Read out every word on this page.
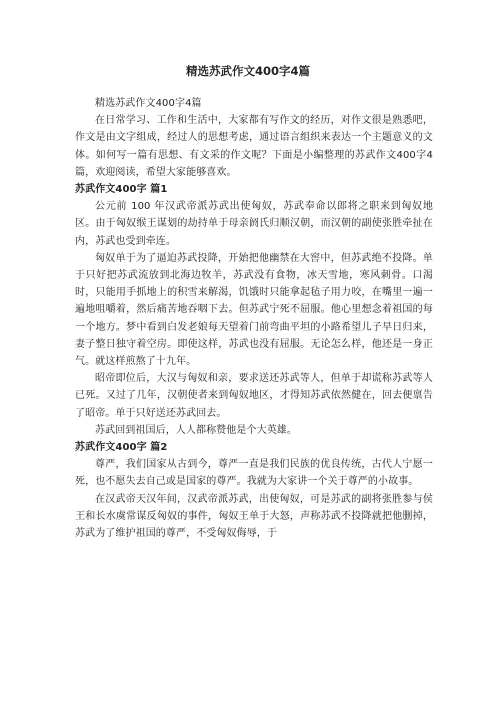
精选苏武作文400字4篇

精选苏武作文400字4篇

在日常学习、工作和生活中，大家都有写作文的经历，对作文很是熟悉吧，作文是由文字组成，经过人的思想考虑，通过语言组织来表达一个主题意义的文体。如何写一篇有思想、有文采的作文呢？下面是小编整理的苏武作文400字4篇，欢迎阅读，希望大家能够喜欢。

苏武作文400字 篇1

公元前 100 年汉武帝派苏武出使匈奴，苏武奉命以郎将之职来到匈奴地区。由于匈奴缑王谋划的劫持单于母亲阏氏归顺汉朝，而汉朝的副使张胜牵扯在内，苏武也受到牵连。

匈奴单于为了逼迫苏武投降，开始把他幽禁在大窖中，但苏武绝不投降。单于只好把苏武流放到北海边牧羊，苏武没有食物，冰天雪地，寒风刺骨。口渴时，只能用手抓地上的积雪来解渴，饥饿时只能拿起毡子用力咬，在嘴里一遍一遍地咀嚼着，然后痛苦地吞咽下去。但苏武宁死不屈服。他心里想念着祖国的每一个地方。梦中看到白发老娘每天望着门前弯曲平坦的小路希望儿子早日归来，妻子整日独守着空房。即使这样，苏武也没有屈服。无论怎么样，他还是一身正气。就这样煎熬了十九年。

昭帝即位后，大汉与匈奴和亲，要求送还苏武等人，但单于却谎称苏武等人已死。又过了几年，汉朝使者来到匈奴地区，才得知苏武依然健在，回去便禀告了昭帝。单于只好送还苏武回去。

苏武回到祖国后，人人都称赞他是个大英雄。

苏武作文400字 篇2

尊严，我们国家从古到今，尊严一直是我们民族的优良传统，古代人宁愿一死，也不愿失去自己或是国家的尊严。我就为大家讲一个关于尊严的小故事。

在汉武帝天汉年间，汉武帝派苏武，出使匈奴，可是苏武的副将张胜参与侯王和长水虞常谋反匈奴的事件，匈奴王单于大怒，声称苏武不投降就把他删掉，苏武为了维护祖国的尊严，不受匈奴侮辱，于
